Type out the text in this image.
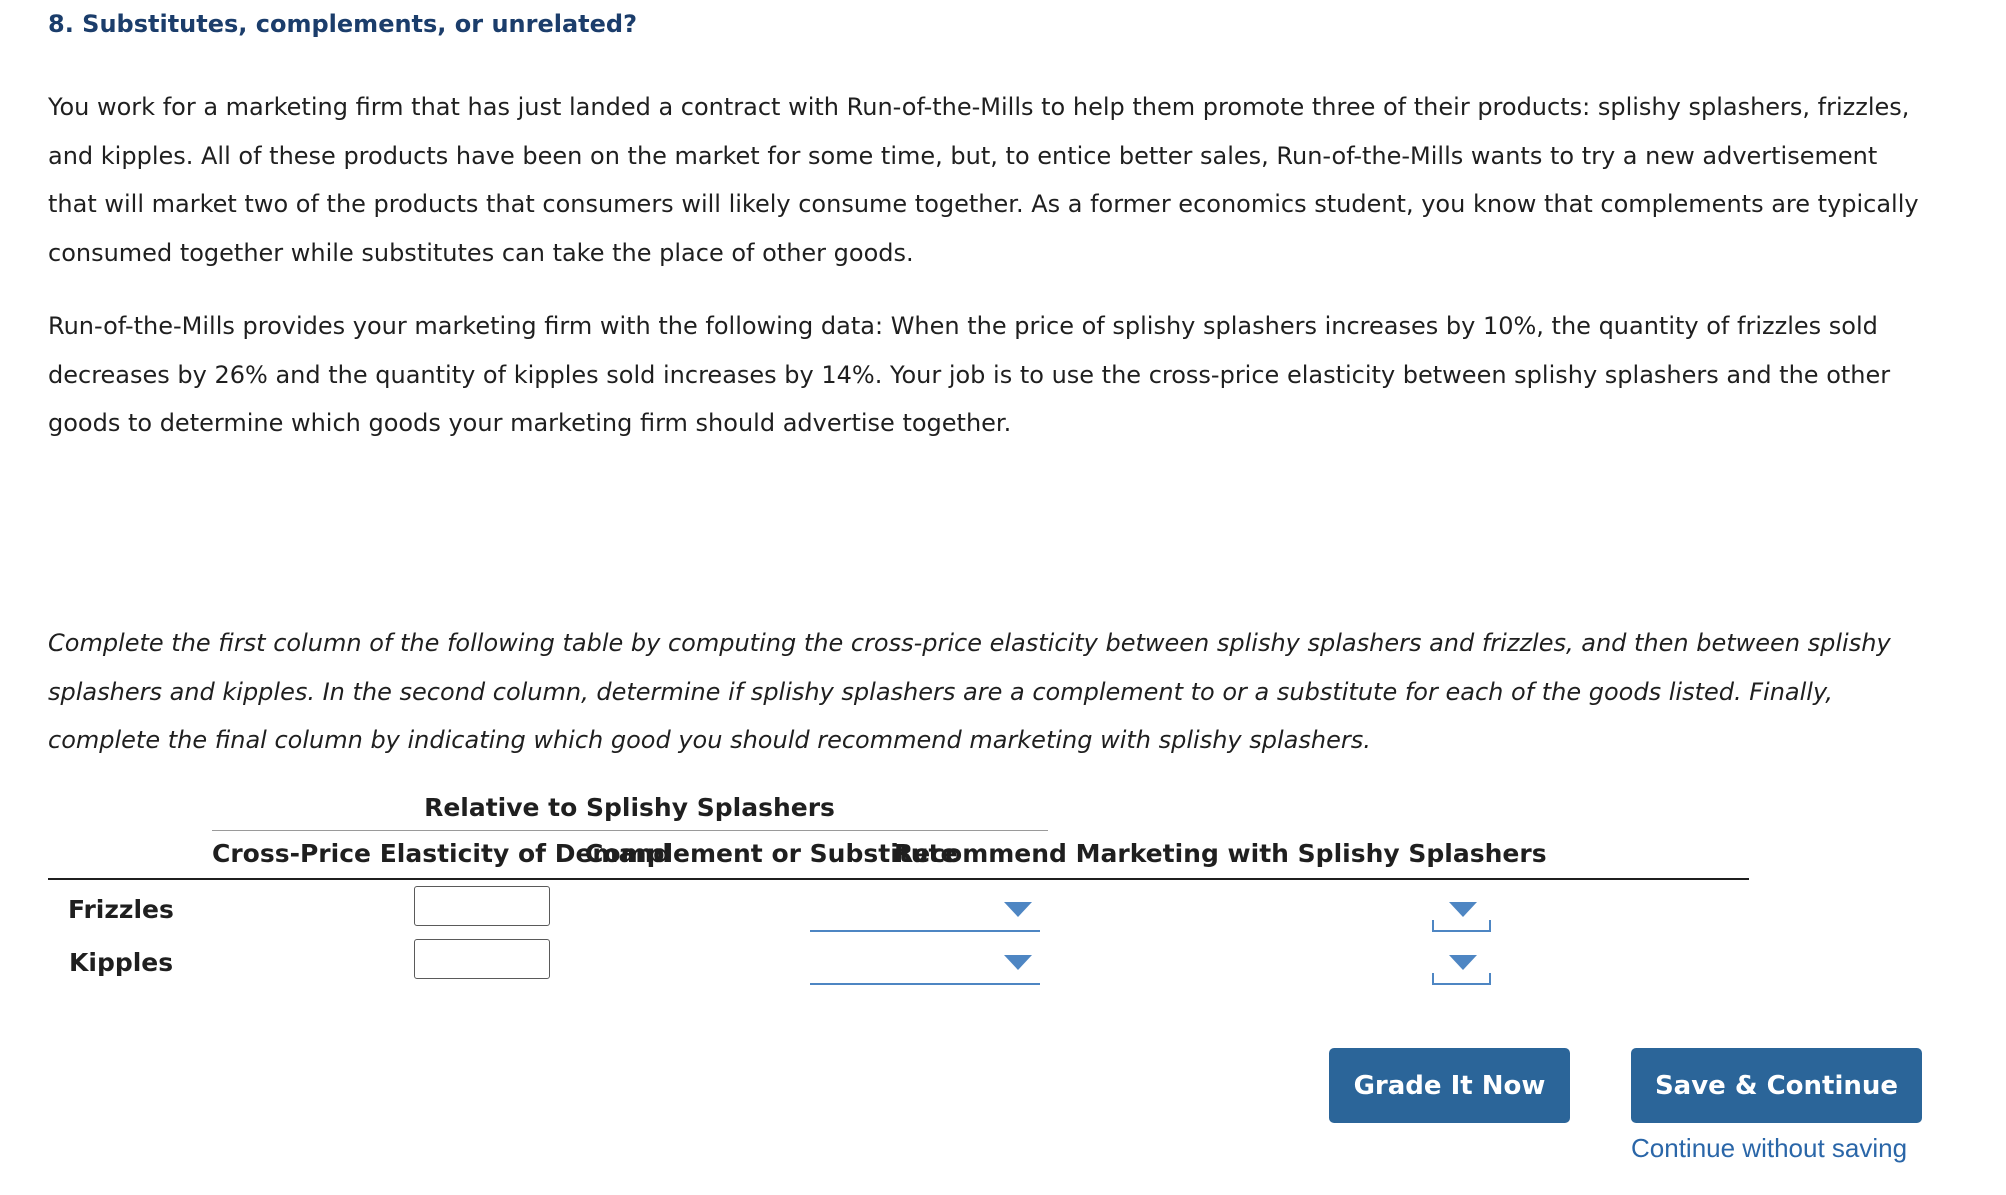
8. Substitutes, complements, or unrelated?

You work for a marketing firm that has just landed a contract with Run-of-the-Mills to help them promote three of their products: splishy splashers, frizzles, and kipples. All of these products have been on the market for some time, but, to entice better sales, Run-of-the-Mills wants to try a new advertisement that will market two of the products that consumers will likely consume together. As a former economics student, you know that complements are typically consumed together while substitutes can take the place of other goods.

Run-of-the-Mills provides your marketing firm with the following data: When the price of splishy splashers increases by 10%, the quantity of frizzles sold decreases by 26% and the quantity of kipples sold increases by 14%. Your job is to use the cross-price elasticity between splishy splashers and the other goods to determine which goods your marketing firm should advertise together.

Complete the first column of the following table by computing the cross-price elasticity between splishy splashers and frizzles, and then between splishy splashers and kipples. In the second column, determine if splishy splashers are a complement to or a substitute for each of the goods listed. Finally, complete the final column by indicating which good you should recommend marketing with splishy splashers.

Relative to Splishy Splashers
Cross-Price Elasticity of Demand
Complement or Substitute
Recommend Marketing with Splishy Splashers
Frizzles
Kipples
Grade It Now	Save & Continue
Continue without saving
